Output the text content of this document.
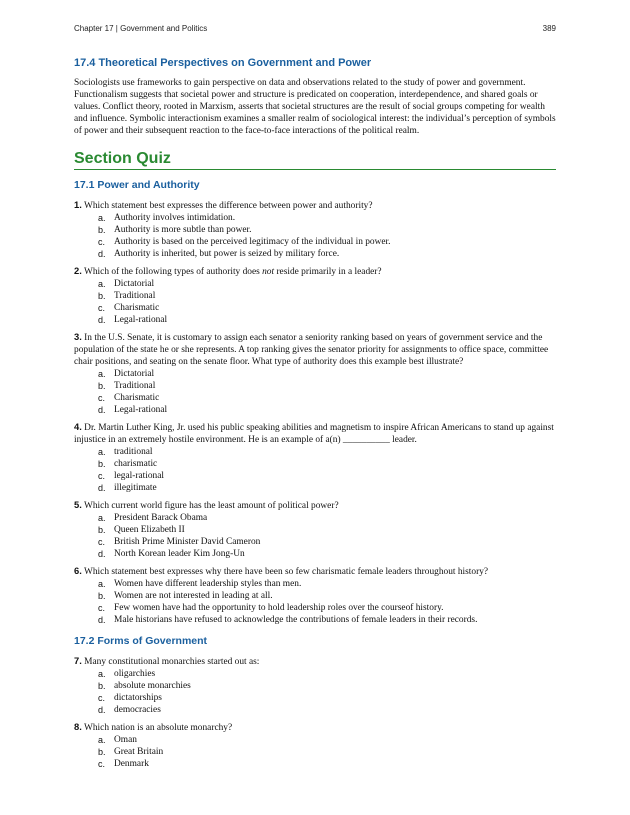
Chapter 17 | Government and Politics	389
17.4 Theoretical Perspectives on Government and Power

Sociologists use frameworks to gain perspective on data and observations related to the study of power and government. Functionalism suggests that societal power and structure is predicated on cooperation, interdependence, and shared goals or values. Conflict theory, rooted in Marxism, asserts that societal structures are the result of social groups competing for wealth and influence. Symbolic interactionism examines a smaller realm of sociological interest: the individual’s perception of symbols of power and their subsequent reaction to the face-to-face interactions of the political realm.

Section Quiz
17.1 Power and Authority
1. Which statement best expresses the difference between power and authority?
a. Authority involves intimidation.
b. Authority is more subtle than power.
c. Authority is based on the perceived legitimacy of the individual in power.
d. Authority is inherited, but power is seized by military force.
2. Which of the following types of authority does not reside primarily in a leader?
a. Dictatorial
b. Traditional
c. Charismatic
d. Legal-rational
3. In the U.S. Senate, it is customary to assign each senator a seniority ranking based on years of government service and the population of the state he or she represents. A top ranking gives the senator priority for assignments to office space, committee chair positions, and seating on the senate floor. What type of authority does this example best illustrate?
a. Dictatorial
b. Traditional
c. Charismatic
d. Legal-rational
4. Dr. Martin Luther King, Jr. used his public speaking abilities and magnetism to inspire African Americans to stand up against injustice in an extremely hostile environment. He is an example of a(n) __________ leader.
a. traditional
b. charismatic
c. legal-rational
d. illegitimate
5. Which current world figure has the least amount of political power?
a. President Barack Obama
b. Queen Elizabeth II
c. British Prime Minister David Cameron
d. North Korean leader Kim Jong-Un
6. Which statement best expresses why there have been so few charismatic female leaders throughout history?
a. Women have different leadership styles than men.
b. Women are not interested in leading at all.
c. Few women have had the opportunity to hold leadership roles over the courseof history.
d. Male historians have refused to acknowledge the contributions of female leaders in their records.
17.2 Forms of Government
7. Many constitutional monarchies started out as:
a. oligarchies
b. absolute monarchies
c. dictatorships
d. democracies
8. Which nation is an absolute monarchy?
a. Oman
b. Great Britain
c. Denmark
